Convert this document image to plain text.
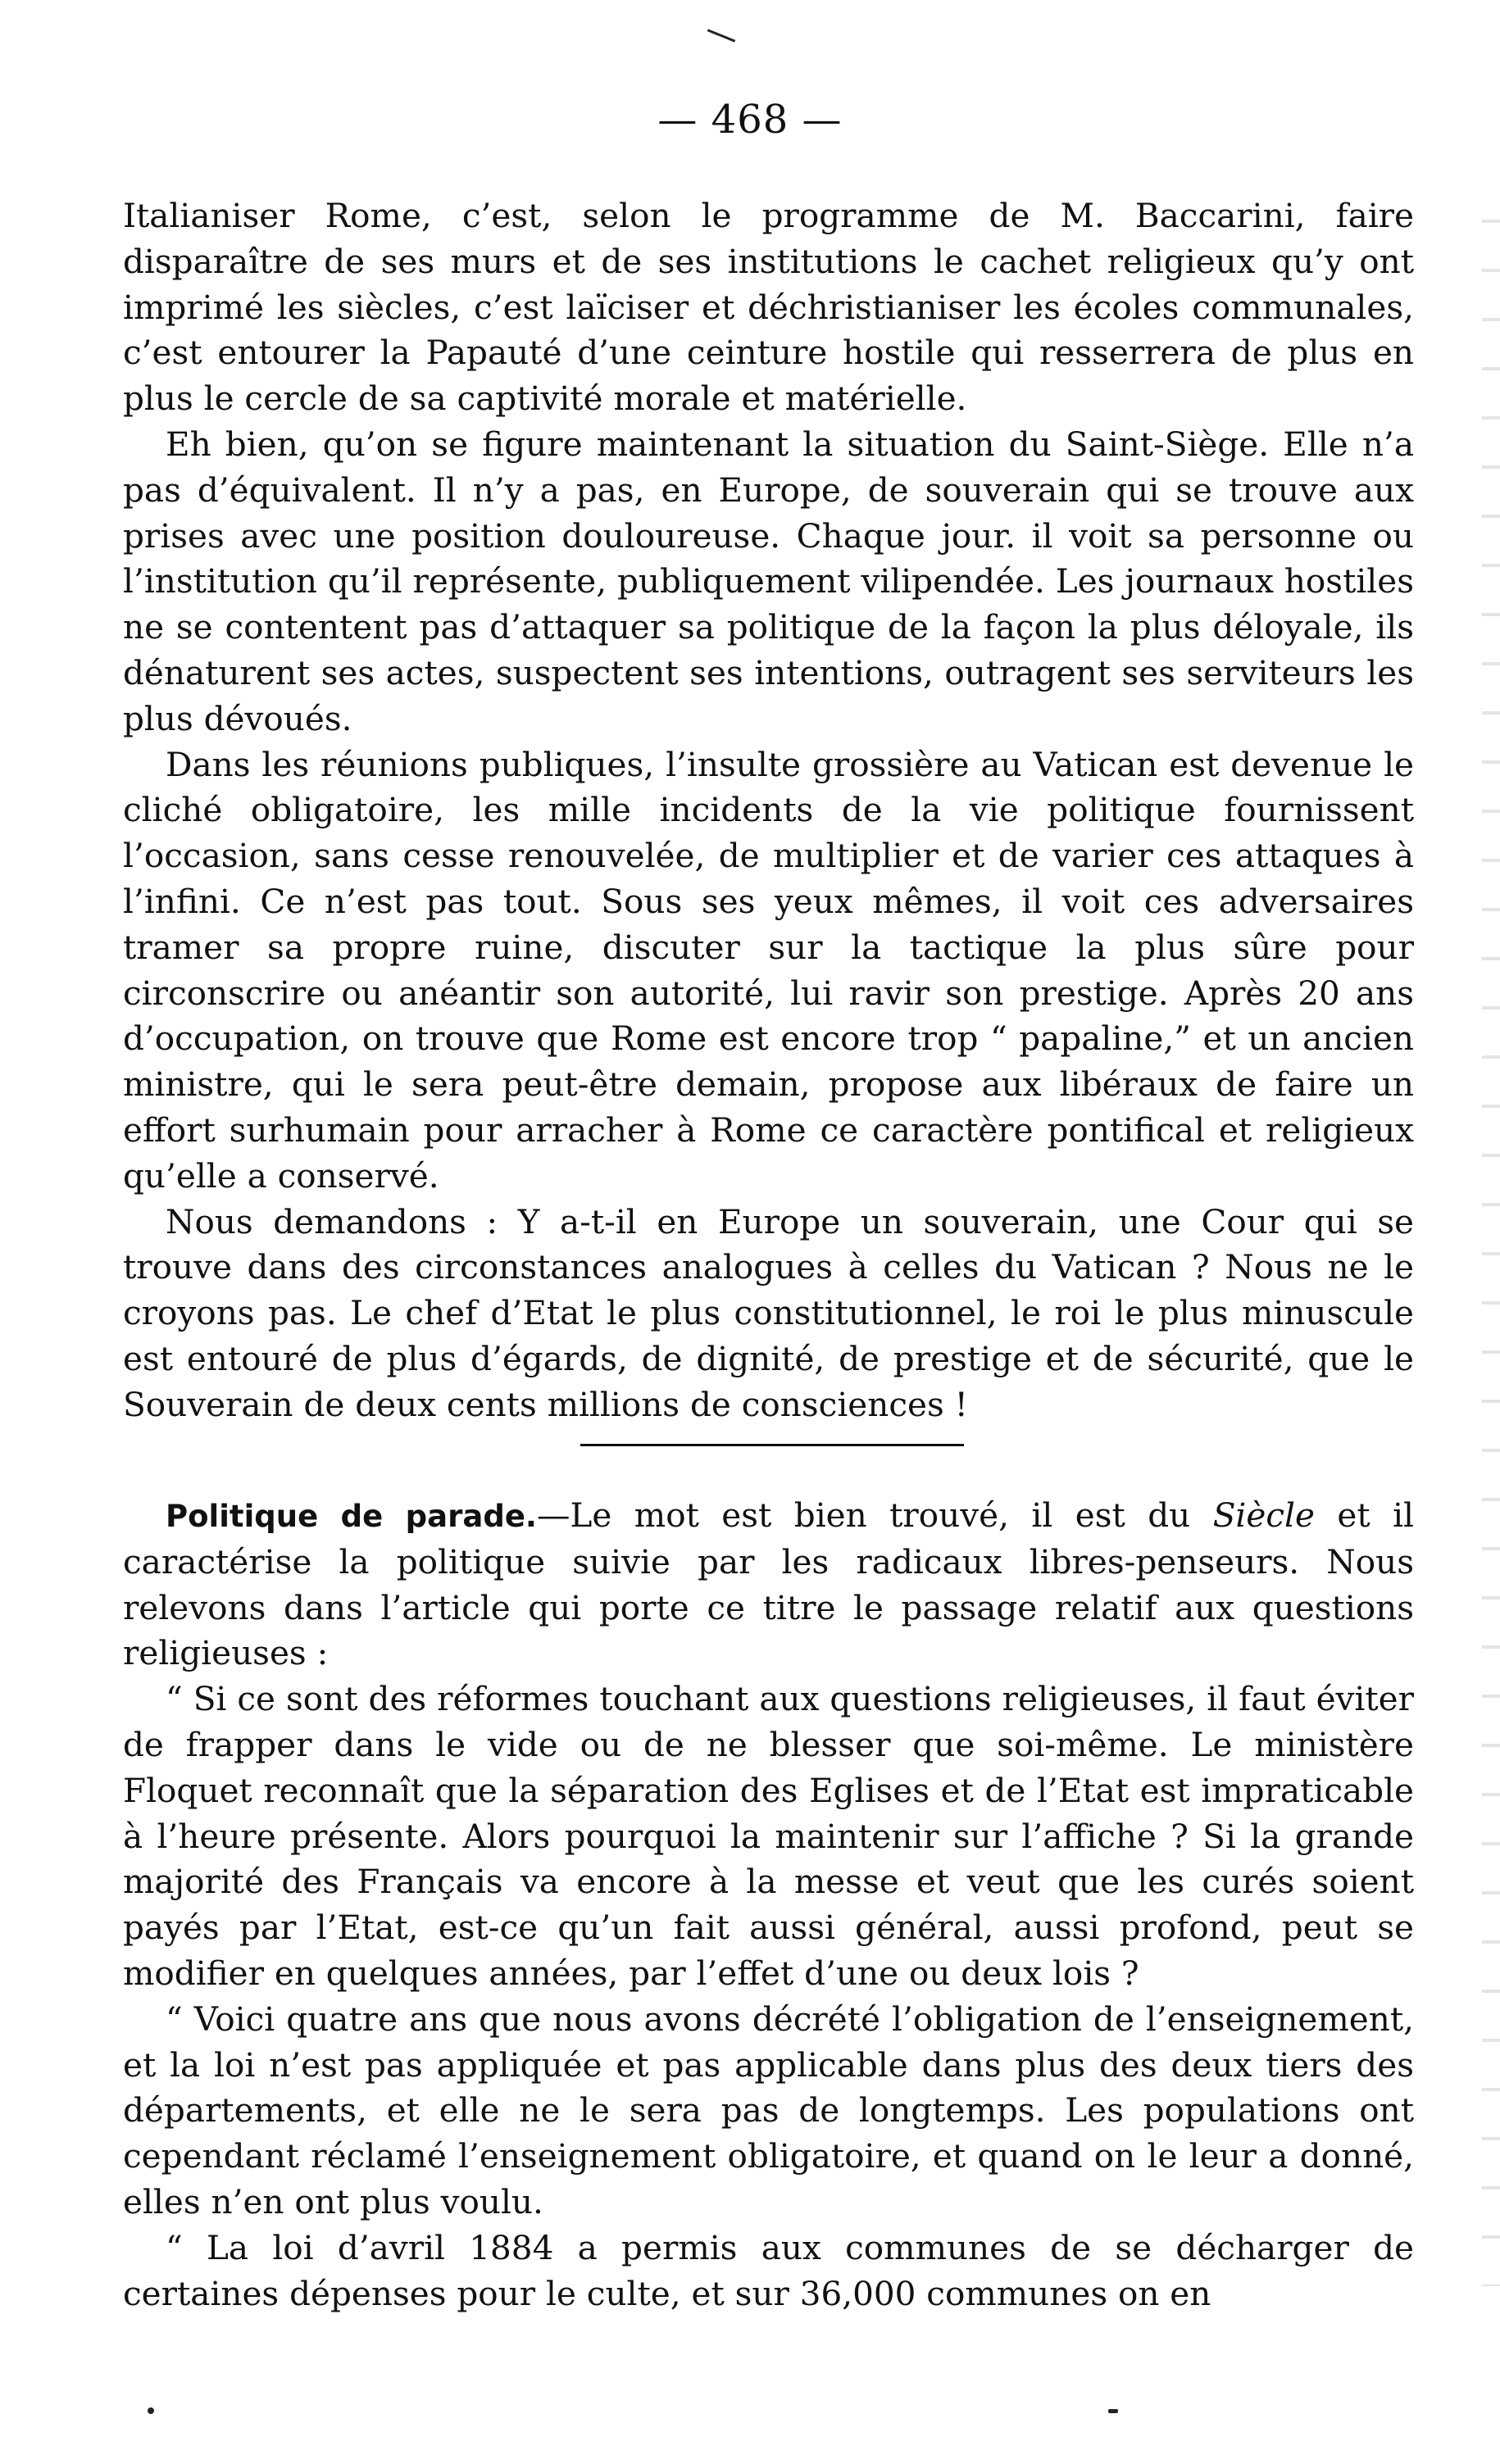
— 468 —

Italianiser Rome, c’est, selon le programme de M. Baccarini, faire disparaître de ses murs et de ses institutions le cachet religieux qu’y ont imprimé les siècles, c’est laïciser et déchristianiser les écoles communales, c’est entourer la Papauté d’une ceinture hostile qui resserrera de plus en plus le cercle de sa captivité morale et matérielle.

Eh bien, qu’on se figure maintenant la situation du Saint-Siège. Elle n’a pas d’équivalent. Il n’y a pas, en Europe, de souverain qui se trouve aux prises avec une position douloureuse. Chaque jour. il voit sa personne ou l’institution qu’il représente, publiquement vilipendée. Les journaux hostiles ne se contentent pas d’attaquer sa politique de la façon la plus déloyale, ils dénaturent ses actes, suspectent ses intentions, outragent ses serviteurs les plus dévoués.

Dans les réunions publiques, l’insulte grossière au Vatican est devenue le cliché obligatoire, les mille incidents de la vie politique fournissent l’occasion, sans cesse renouvelée, de multiplier et de varier ces attaques à l’infini. Ce n’est pas tout. Sous ses yeux mêmes, il voit ces adversaires tramer sa propre ruine, discuter sur la tactique la plus sûre pour circonscrire ou anéantir son autorité, lui ravir son prestige. Après 20 ans d’occupation, on trouve que Rome est encore trop “ papaline,” et un ancien ministre, qui le sera peut-être demain, propose aux libéraux de faire un effort surhumain pour arracher à Rome ce caractère pontifical et religieux qu’elle a conservé.

Nous demandons : Y a-t-il en Europe un souverain, une Cour qui se trouve dans des circonstances analogues à celles du Vatican ? Nous ne le croyons pas. Le chef d’Etat le plus constitutionnel, le roi le plus minuscule est entouré de plus d’égards, de dignité, de prestige et de sécurité, que le Souverain de deux cents millions de consciences !

Politique de parade.—Le mot est bien trouvé, il est du Siècle et il caractérise la politique suivie par les radicaux libres-penseurs. Nous relevons dans l’article qui porte ce titre le passage relatif aux questions religieuses :

“ Si ce sont des réformes touchant aux questions religieuses, il faut éviter de frapper dans le vide ou de ne blesser que soi-même. Le ministère Floquet reconnaît que la séparation des Eglises et de l’Etat est impraticable à l’heure présente. Alors pourquoi la maintenir sur l’affiche ? Si la grande majorité des Français va encore à la messe et veut que les curés soient payés par l’Etat, est-ce qu’un fait aussi général, aussi profond, peut se modifier en quelques années, par l’effet d’une ou deux lois ?

“ Voici quatre ans que nous avons décrété l’obligation de l’enseignement, et la loi n’est pas appliquée et pas applicable dans plus des deux tiers des départements, et elle ne le sera pas de longtemps. Les populations ont cependant réclamé l’enseignement obligatoire, et quand on le leur a donné, elles n’en ont plus voulu.

“ La loi d’avril 1884 a permis aux communes de se décharger de certaines dépenses pour le culte, et sur 36,000 communes on en
